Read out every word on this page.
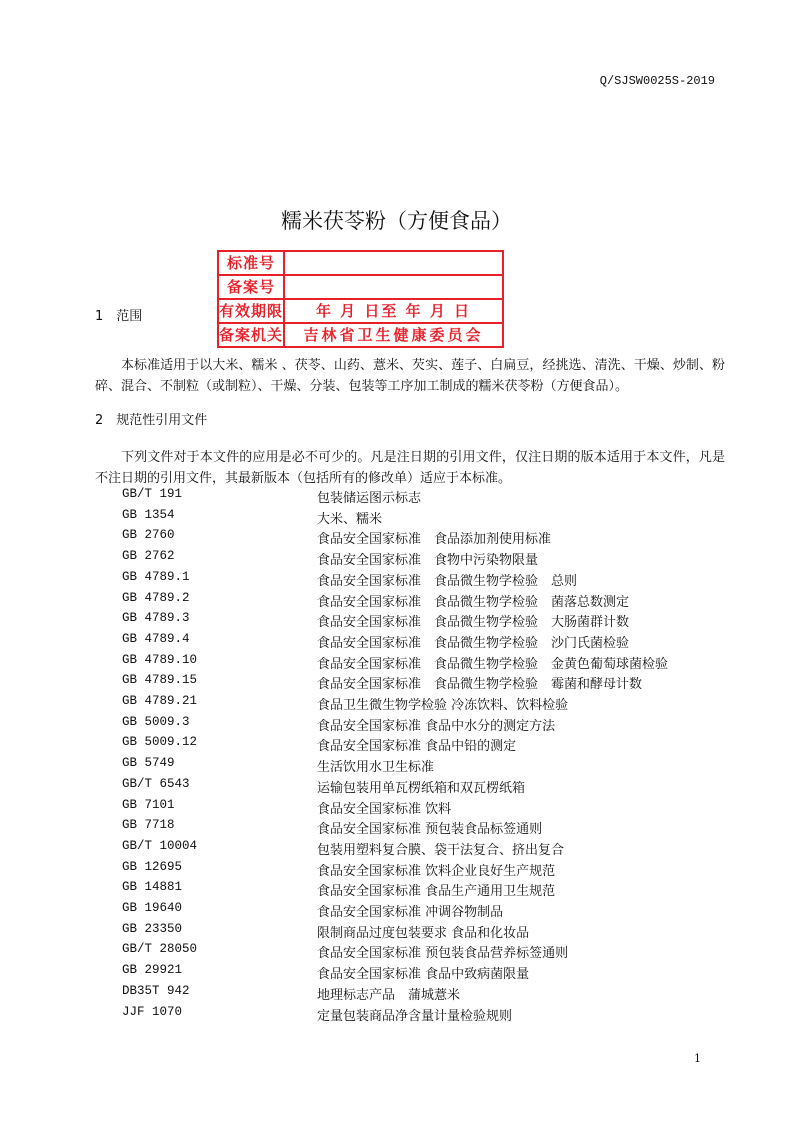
Q/SJSW0025S-2019
糯米茯苓粉（方便食品）
1　范围
本标准适用于以大米、糯米 、茯苓、山药、薏米、芡实、莲子、白扁豆，经挑选、清洗、干燥、炒制、粉碎、混合、不制粒（或制粒）、干燥、分装、包装等工序加工制成的糯米茯苓粉（方便食品）。
标准号
备案号
有效期限	年 月 日至 年 月 日
备案机关	吉林省卫生健康委员会
2　规范性引用文件
下列文件对于本文件的应用是必不可少的。凡是注日期的引用文件，仅注日期的版本适用于本文件，凡是不注日期的引用文件，其最新版本（包括所有的修改单）适应于本标准。
GB/T 191	包装储运图示标志
GB 1354	大米、糯米
GB 2760	食品安全国家标准　食品添加剂使用标准
GB 2762	食品安全国家标准　食物中污染物限量
GB 4789.1	食品安全国家标准　食品微生物学检验　总则
GB 4789.2	食品安全国家标准　食品微生物学检验　菌落总数测定
GB 4789.3	食品安全国家标准　食品微生物学检验　大肠菌群计数
GB 4789.4	食品安全国家标准　食品微生物学检验　沙门氏菌检验
GB 4789.10	食品安全国家标准　食品微生物学检验　金黄色葡萄球菌检验
GB 4789.15	食品安全国家标准　食品微生物学检验　霉菌和酵母计数
GB 4789.21	食品卫生微生物学检验 冷冻饮料、饮料检验
GB 5009.3	食品安全国家标准 食品中水分的测定方法
GB 5009.12	食品安全国家标准 食品中铅的测定
GB 5749	生活饮用水卫生标准
GB/T 6543	运输包装用单瓦楞纸箱和双瓦楞纸箱
GB 7101	食品安全国家标准 饮料
GB 7718	食品安全国家标准 预包装食品标签通则
GB/T 10004	包装用塑料复合膜、袋干法复合、挤出复合
GB 12695	食品安全国家标准 饮料企业良好生产规范
GB 14881	食品安全国家标准 食品生产通用卫生规范
GB 19640	食品安全国家标准 冲调谷物制品
GB 23350	限制商品过度包装要求 食品和化妆品
GB/T 28050	食品安全国家标准 预包装食品营养标签通则
GB 29921	食品安全国家标准 食品中致病菌限量
DB35T 942	地理标志产品　蒲城薏米
JJF 1070	定量包装商品净含量计量检验规则
1
